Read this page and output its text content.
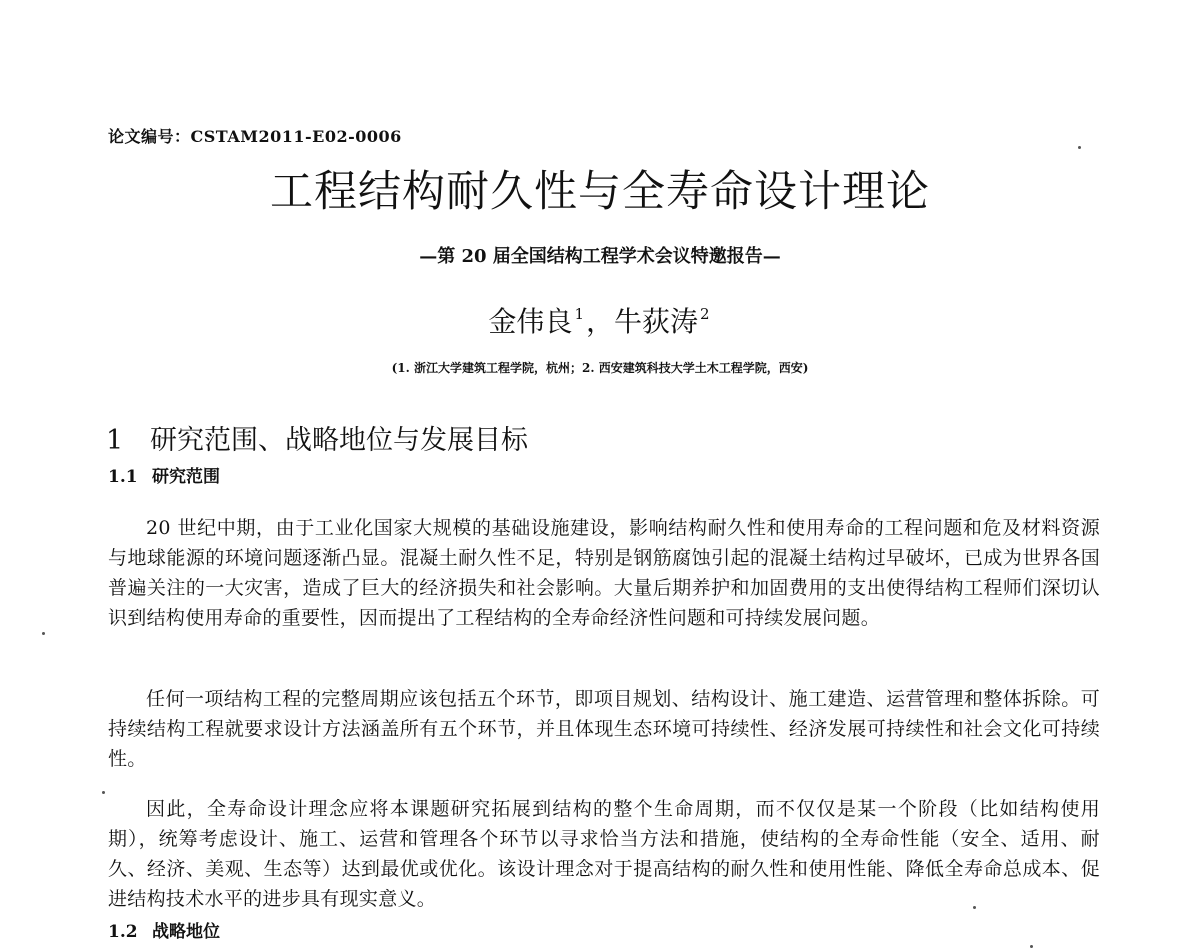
论文编号：CSTAM2011-E02-0006
工程结构耐久性与全寿命设计理论
—第 20 届全国结构工程学术会议特邀报告—
金伟良 $^1$，牛荻涛 $^2$
(1. 浙江大学建筑工程学院，杭州；2. 西安建筑科技大学土木工程学院，西安)
1 研究范围、战略地位与发展目标
1.1 研究范围

20 世纪中期，由于工业化国家大规模的基础设施建设，影响结构耐久性和使用寿命的工程问题和危及材料资源与地球能源的环境问题逐渐凸显。混凝土耐久性不足，特别是钢筋腐蚀引起的混凝土结构过早破坏，已成为世界各国普遍关注的一大灾害，造成了巨大的经济损失和社会影响。大量后期养护和加固费用的支出使得结构工程师们深切认识到结构使用寿命的重要性，因而提出了工程结构的全寿命经济性问题和可持续发展问题。

任何一项结构工程的完整周期应该包括五个环节，即项目规划、结构设计、施工建造、运营管理和整体拆除。可持续结构工程就要求设计方法涵盖所有五个环节，并且体现生态环境可持续性、经济发展可持续性和社会文化可持续性。

因此，全寿命设计理念应将本课题研究拓展到结构的整个生命周期，而不仅仅是某一个阶段（比如结构使用期），统筹考虑设计、施工、运营和管理各个环节以寻求恰当方法和措施，使结构的全寿命性能（安全、适用、耐久、经济、美观、生态等）达到最优或优化。该设计理念对于提高结构的耐久性和使用性能、降低全寿命总成本、促进结构技术水平的进步具有现实意义。

1.2 战略地位
